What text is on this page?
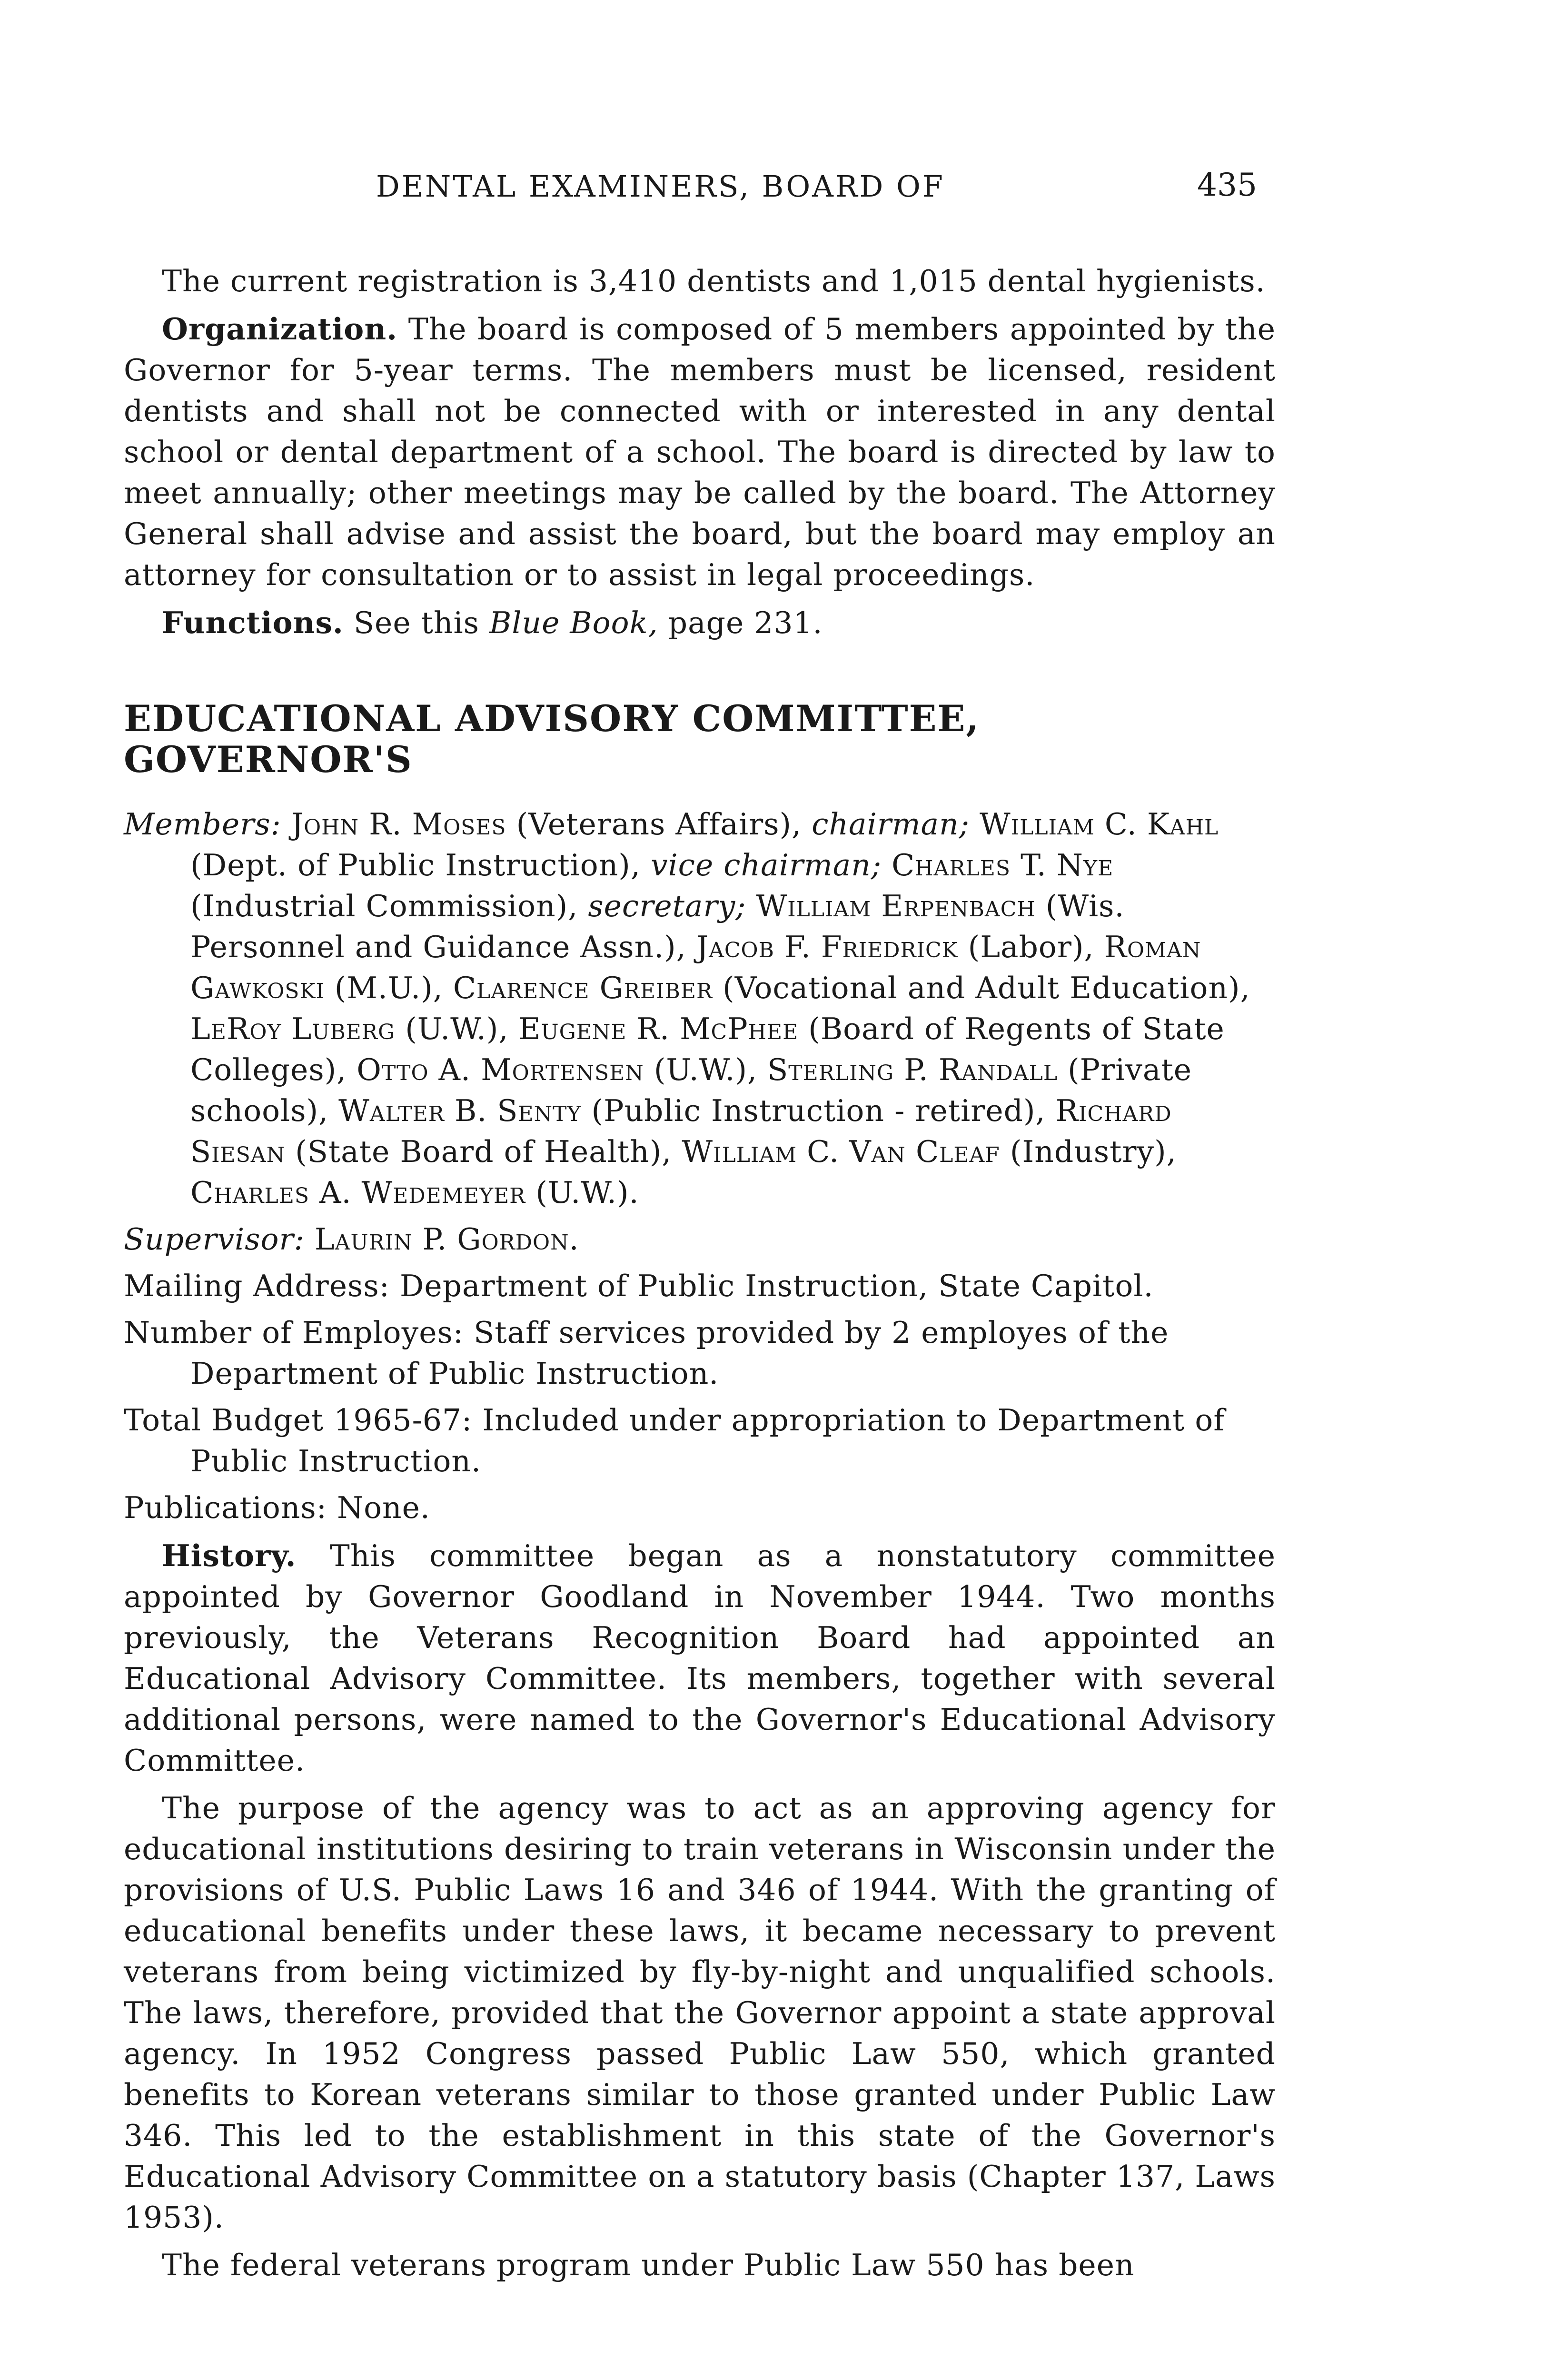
DENTAL EXAMINERS, BOARD OF	435

The current registration is 3,410 dentists and 1,015 dental hygienists.

Organization. The board is composed of 5 members appointed by the Governor for 5-year terms. The members must be licensed, resident dentists and shall not be connected with or interested in any dental school or dental department of a school. The board is directed by law to meet annually; other meetings may be called by the board. The Attorney General shall advise and assist the board, but the board may employ an attorney for consultation or to assist in legal proceedings.

Functions. See this Blue Book, page 231.

EDUCATIONAL ADVISORY COMMITTEE, GOVERNOR'S

Members: John R. Moses (Veterans Affairs), chairman; William C. Kahl (Dept. of Public Instruction), vice chairman; Charles T. Nye (Industrial Commission), secretary; William Erpenbach (Wis. Personnel and Guidance Assn.), Jacob F. Friedrick (Labor), Roman Gawkoski (M.U.), Clarence Greiber (Vocational and Adult Education), LeRoy Luberg (U.W.), Eugene R. McPhee (Board of Regents of State Colleges), Otto A. Mortensen (U.W.), Sterling P. Randall (Private schools), Walter B. Senty (Public Instruction - retired), Richard Siesan (State Board of Health), William C. Van Cleaf (Industry), Charles A. Wedemeyer (U.W.).

Supervisor: Laurin P. Gordon.

Mailing Address: Department of Public Instruction, State Capitol.

Number of Employes: Staff services provided by 2 employes of the Department of Public Instruction.

Total Budget 1965-67: Included under appropriation to Department of Public Instruction.

Publications: None.

History. This committee began as a nonstatutory committee appointed by Governor Goodland in November 1944. Two months previously, the Veterans Recognition Board had appointed an Educational Advisory Committee. Its members, together with several additional persons, were named to the Governor's Educational Advisory Committee.

The purpose of the agency was to act as an approving agency for educational institutions desiring to train veterans in Wisconsin under the provisions of U.S. Public Laws 16 and 346 of 1944. With the granting of educational benefits under these laws, it became necessary to prevent veterans from being victimized by fly-by-night and unqualified schools. The laws, therefore, provided that the Governor appoint a state approval agency. In 1952 Congress passed Public Law 550, which granted benefits to Korean veterans similar to those granted under Public Law 346. This led to the establishment in this state of the Governor's Educational Advisory Committee on a statutory basis (Chapter 137, Laws 1953).

The federal veterans program under Public Law 550 has been
